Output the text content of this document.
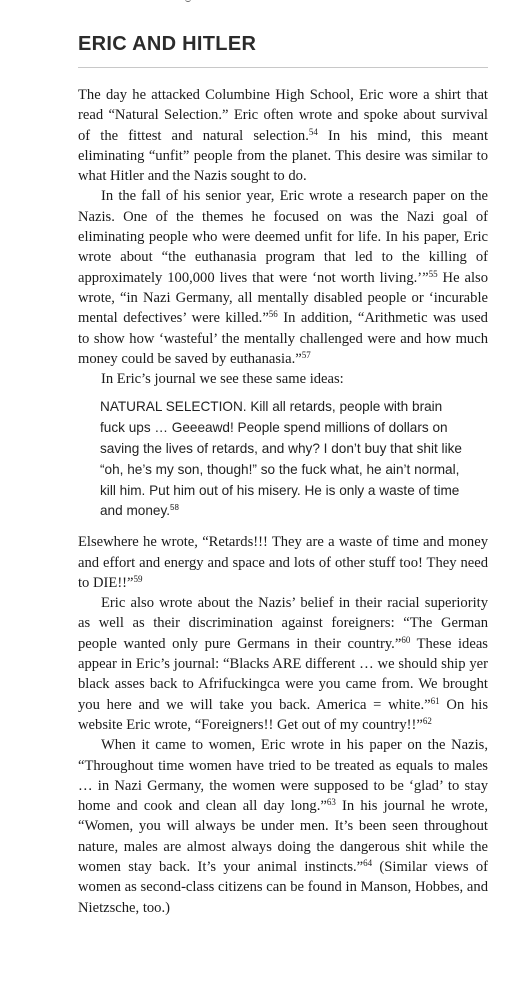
ERIC AND HITLER

The day he attacked Columbine High School, Eric wore a shirt that read “Natural Selection.” Eric often wrote and spoke about survival of the fittest and natural selection.$^{54}$ In his mind, this meant eliminating “unfit” people from the planet. This desire was similar to what Hitler and the Nazis sought to do.

In the fall of his senior year, Eric wrote a research paper on the Nazis. One of the themes he focused on was the Nazi goal of eliminating people who were deemed unfit for life. In his paper, Eric wrote about “the euthanasia program that led to the killing of approximately 100,000 lives that were ‘not worth living.’”$^{55}$ He also wrote, “in Nazi Germany, all mentally disabled people or ‘incurable mental defectives’ were killed.”$^{56}$ In addition, “Arithmetic was used to show how ‘wasteful’ the mentally challenged were and how much money could be saved by euthanasia.”$^{57}$

In Eric’s journal we see these same ideas:

NATURAL SELECTION. Kill all retards, people with brain fuck ups … Geeeawd! People spend millions of dollars on saving the lives of retards, and why? I don’t buy that shit like “oh, he’s my son, though!” so the fuck what, he ain’t normal, kill him. Put him out of his misery. He is only a waste of time and money.$^{58}$

Elsewhere he wrote, “Retards!!! They are a waste of time and money and effort and energy and space and lots of other stuff too! They need to DIE!!”$^{59}$

Eric also wrote about the Nazis’ belief in their racial superiority as well as their discrimination against foreigners: “The German people wanted only pure Germans in their country.”$^{60}$ These ideas appear in Eric’s journal: “Blacks ARE different … we should ship yer black asses back to Afrifuckingca were you came from. We brought you here and we will take you back. America = white.”$^{61}$ On his website Eric wrote, “Foreigners!! Get out of my country!!”$^{62}$

When it came to women, Eric wrote in his paper on the Nazis, “Throughout time women have tried to be treated as equals to males … in Nazi Germany, the women were supposed to be ‘glad’ to stay home and cook and clean all day long.”$^{63}$ In his journal he wrote, “Women, you will always be under men. It’s been seen throughout nature, males are almost always doing the dangerous shit while the women stay back. It’s your animal instincts.”$^{64}$ (Similar views of women as second-class citizens can be found in Manson, Hobbes, and Nietzsche, too.)
